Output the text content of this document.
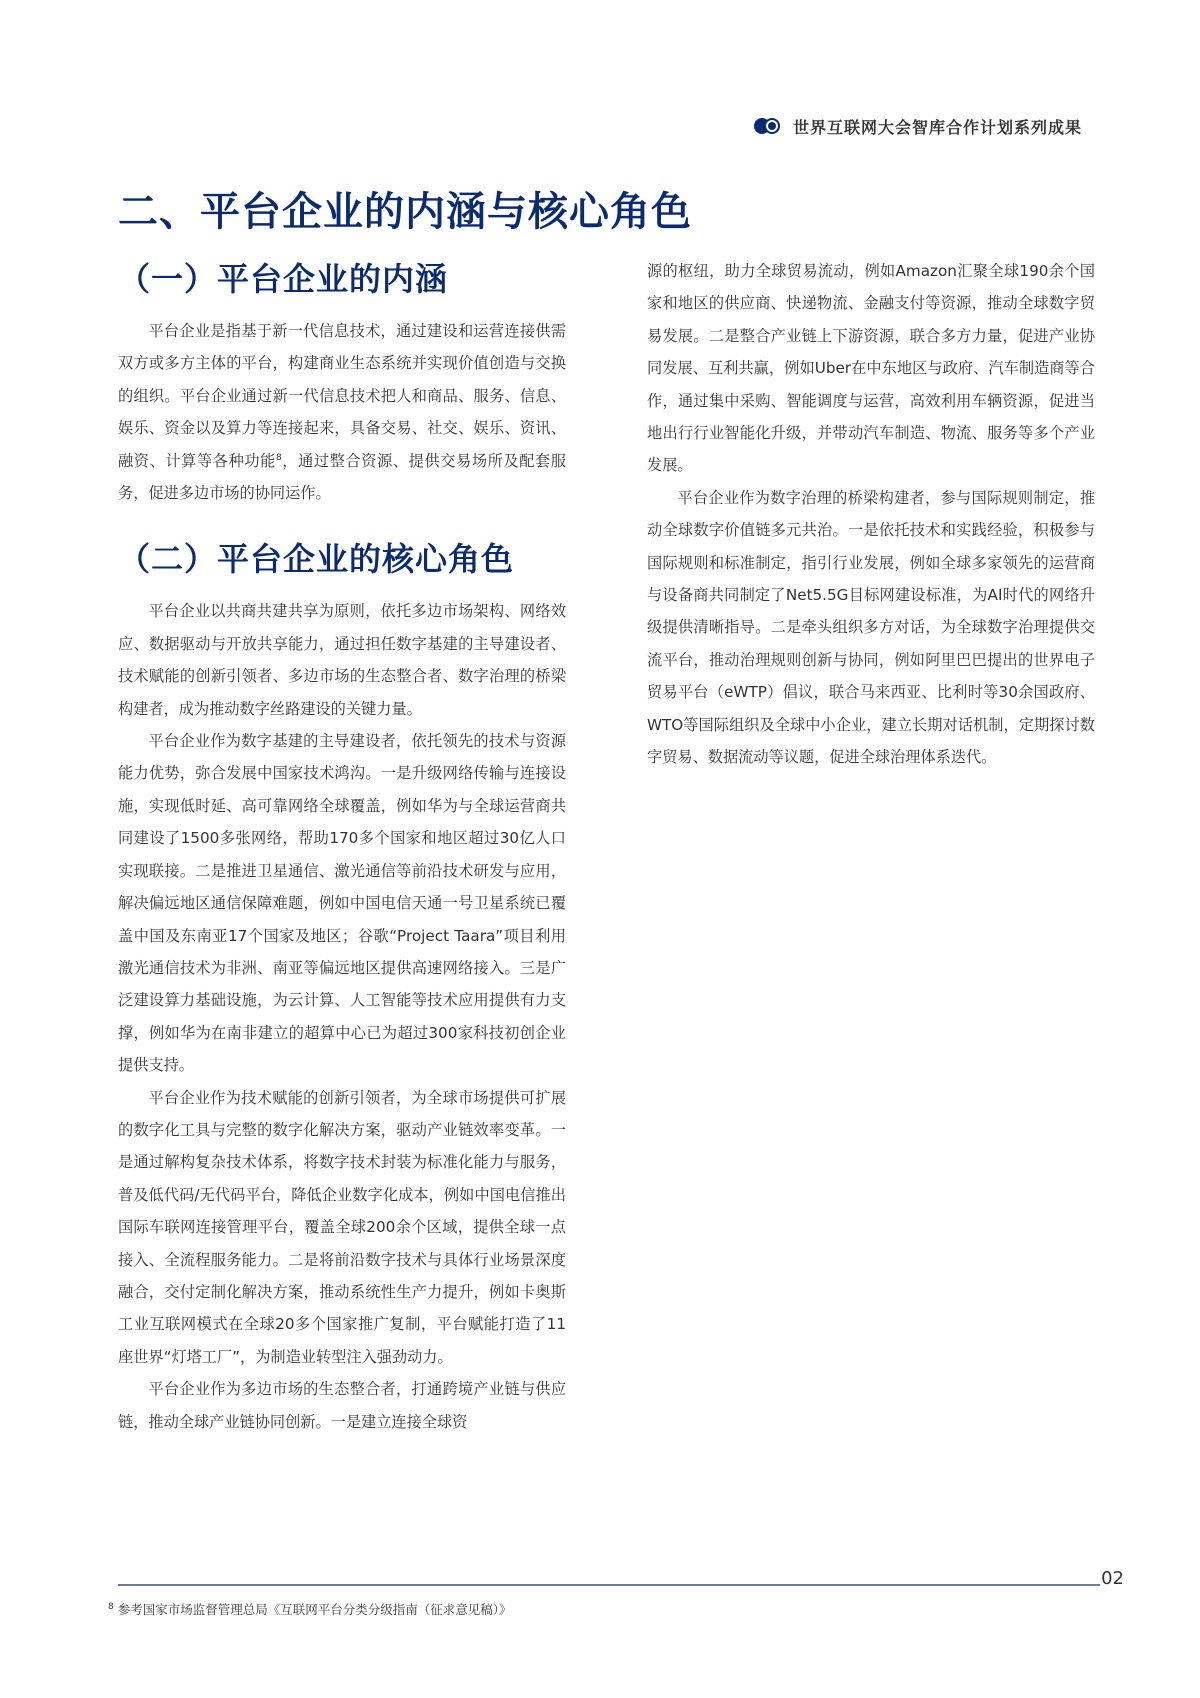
世界互联网大会智库合作计划系列成果
二、平台企业的内涵与核心角色
（一）平台企业的内涵

平台企业是指基于新一代信息技术，通过建设和运营连接供需双方或多方主体的平台，构建商业生态系统并实现价值创造与交换的组织。平台企业通过新一代信息技术把人和商品、服务、信息、娱乐、资金以及算力等连接起来，具备交易、社交、娱乐、资讯、融资、计算等各种功能$^8$，通过整合资源、提供交易场所及配套服务，促进多边市场的协同运作。

（二）平台企业的核心角色

平台企业以共商共建共享为原则，依托多边市场架构、网络效应、数据驱动与开放共享能力，通过担任数字基建的主导建设者、技术赋能的创新引领者、多边市场的生态整合者、数字治理的桥梁构建者，成为推动数字丝路建设的关键力量。

平台企业作为数字基建的主导建设者，依托领先的技术与资源能力优势，弥合发展中国家技术鸿沟。一是升级网络传输与连接设施，实现低时延、高可靠网络全球覆盖，例如华为与全球运营商共同建设了1500多张网络，帮助170多个国家和地区超过30亿人口实现联接。二是推进卫星通信、激光通信等前沿技术研发与应用，解决偏远地区通信保障难题，例如中国电信天通一号卫星系统已覆盖中国及东南亚17个国家及地区；谷歌“Project Taara”项目利用激光通信技术为非洲、南亚等偏远地区提供高速网络接入。三是广泛建设算力基础设施，为云计算、人工智能等技术应用提供有力支撑，例如华为在南非建立的超算中心已为超过300家科技初创企业提供支持。

平台企业作为技术赋能的创新引领者，为全球市场提供可扩展的数字化工具与完整的数字化解决方案，驱动产业链效率变革。一是通过解构复杂技术体系，将数字技术封装为标准化能力与服务，普及低代码/无代码平台，降低企业数字化成本，例如中国电信推出国际车联网连接管理平台，覆盖全球200余个区域，提供全球一点接入、全流程服务能力。二是将前沿数字技术与具体行业场景深度融合，交付定制化解决方案，推动系统性生产力提升，例如卡奥斯工业互联网模式在全球20多个国家推广复制，平台赋能打造了11座世界“灯塔工厂”，为制造业转型注入强劲动力。

平台企业作为多边市场的生态整合者，打通跨境产业链与供应链，推动全球产业链协同创新。一是建立连接全球资

源的枢纽，助力全球贸易流动，例如Amazon汇聚全球190余个国家和地区的供应商、快递物流、金融支付等资源，推动全球数字贸易发展。二是整合产业链上下游资源，联合多方力量，促进产业协同发展、互利共赢，例如Uber在中东地区与政府、汽车制造商等合作，通过集中采购、智能调度与运营，高效利用车辆资源，促进当地出行行业智能化升级，并带动汽车制造、物流、服务等多个产业发展。

平台企业作为数字治理的桥梁构建者，参与国际规则制定，推动全球数字价值链多元共治。一是依托技术和实践经验，积极参与国际规则和标准制定，指引行业发展，例如全球多家领先的运营商与设备商共同制定了Net5.5G目标网建设标准，为AI时代的网络升级提供清晰指导。二是牵头组织多方对话，为全球数字治理提供交流平台，推动治理规则创新与协同，例如阿里巴巴提出的世界电子贸易平台（eWTP）倡议，联合马来西亚、比利时等30余国政府、WTO等国际组织及全球中小企业，建立长期对话机制，定期探讨数字贸易、数据流动等议题，促进全球治理体系迭代。

02
$^8$ 参考国家市场监督管理总局《互联网平台分类分级指南（征求意见稿）》
